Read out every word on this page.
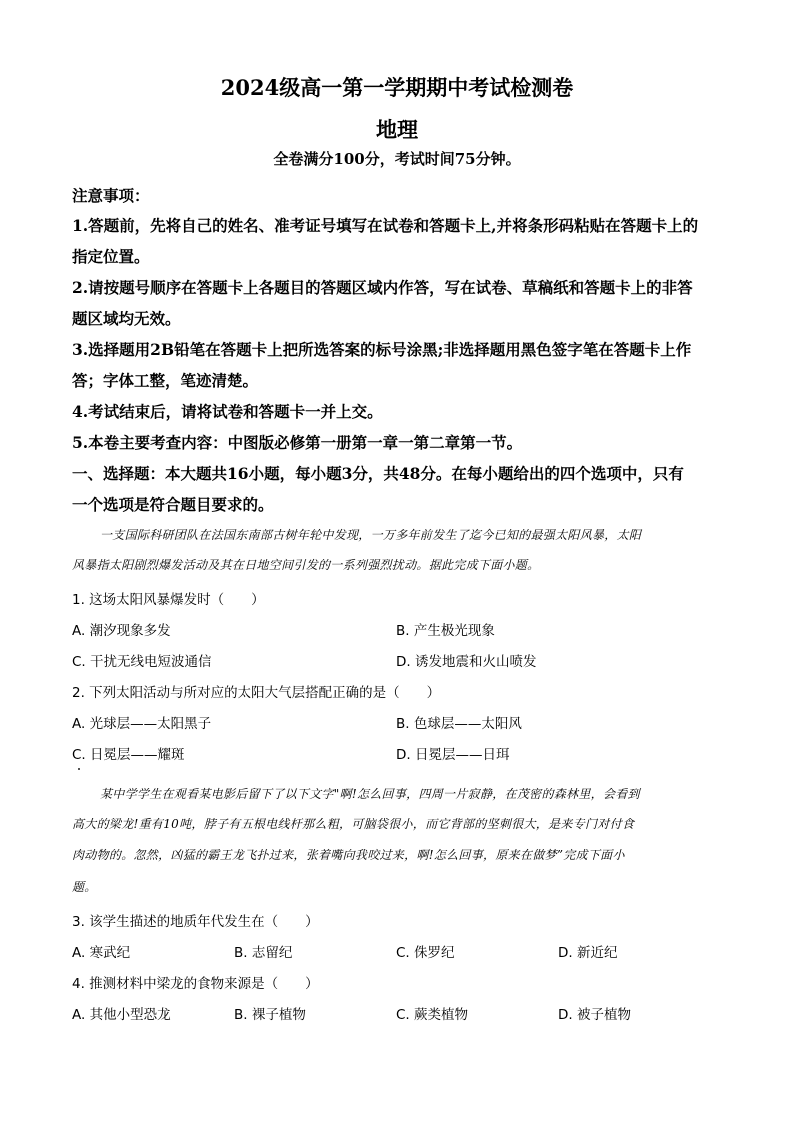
2024级高一第一学期期中考试检测卷
地理
全卷满分100分，考试时间75分钟。
注意事项：
1.答题前，先将自己的姓名、准考证号填写在试卷和答题卡上,并将条形码粘贴在答题卡上的
指定位置。
2.请按题号顺序在答题卡上各题目的答题区域内作答，写在试卷、草稿纸和答题卡上的非答
题区域均无效。
3.选择题用2B铅笔在答题卡上把所选答案的标号涂黑;非选择题用黑色签字笔在答题卡上作
答；字体工整，笔迹清楚。
4.考试结束后，请将试卷和答题卡一并上交。
5.本卷主要考查内容：中图版必修第一册第一章一第二章第一节。
一、选择题：本大题共16小题，每小题3分，共48分。在每小题给出的四个选项中，只有
一个选项是符合题目要求的。
一支国际科研团队在法国东南部古树年轮中发现，一万多年前发生了迄今已知的最强太阳风暴，太阳
风暴指太阳剧烈爆发活动及其在日地空间引发的一系列强烈扰动。据此完成下面小题。
1. 这场太阳风暴爆发时（　　）
A. 潮汐现象多发	B. 产生极光现象
C. 干扰无线电短波通信	D. 诱发地震和火山喷发
2. 下列太阳活动与所对应的太阳大气层搭配正确的是（　　）
A. 光球层——太阳黑子	B. 色球层——太阳风
C. 日冕层——耀斑	D. 日冕层——日珥
某中学学生在观看某电影后留下了以下文字"啊!怎么回事，四周一片寂静，在茂密的森林里，会看到
高大的梁龙!重有10吨，脖子有五根电线杆那么粗，可脑袋很小，而它背部的坚刺很大，是来专门对付食
肉动物的。忽然，凶猛的霸王龙飞扑过来，张着嘴向我咬过来，啊!怎么回事，原来在做梦”完成下面小
题。
3. 该学生描述的地质年代发生在（　　）
A. 寒武纪	B. 志留纪	C. 侏罗纪	D. 新近纪
4. 推测材料中梁龙的食物来源是（　　）
A. 其他小型恐龙	B. 裸子植物	C. 蕨类植物	D. 被子植物
